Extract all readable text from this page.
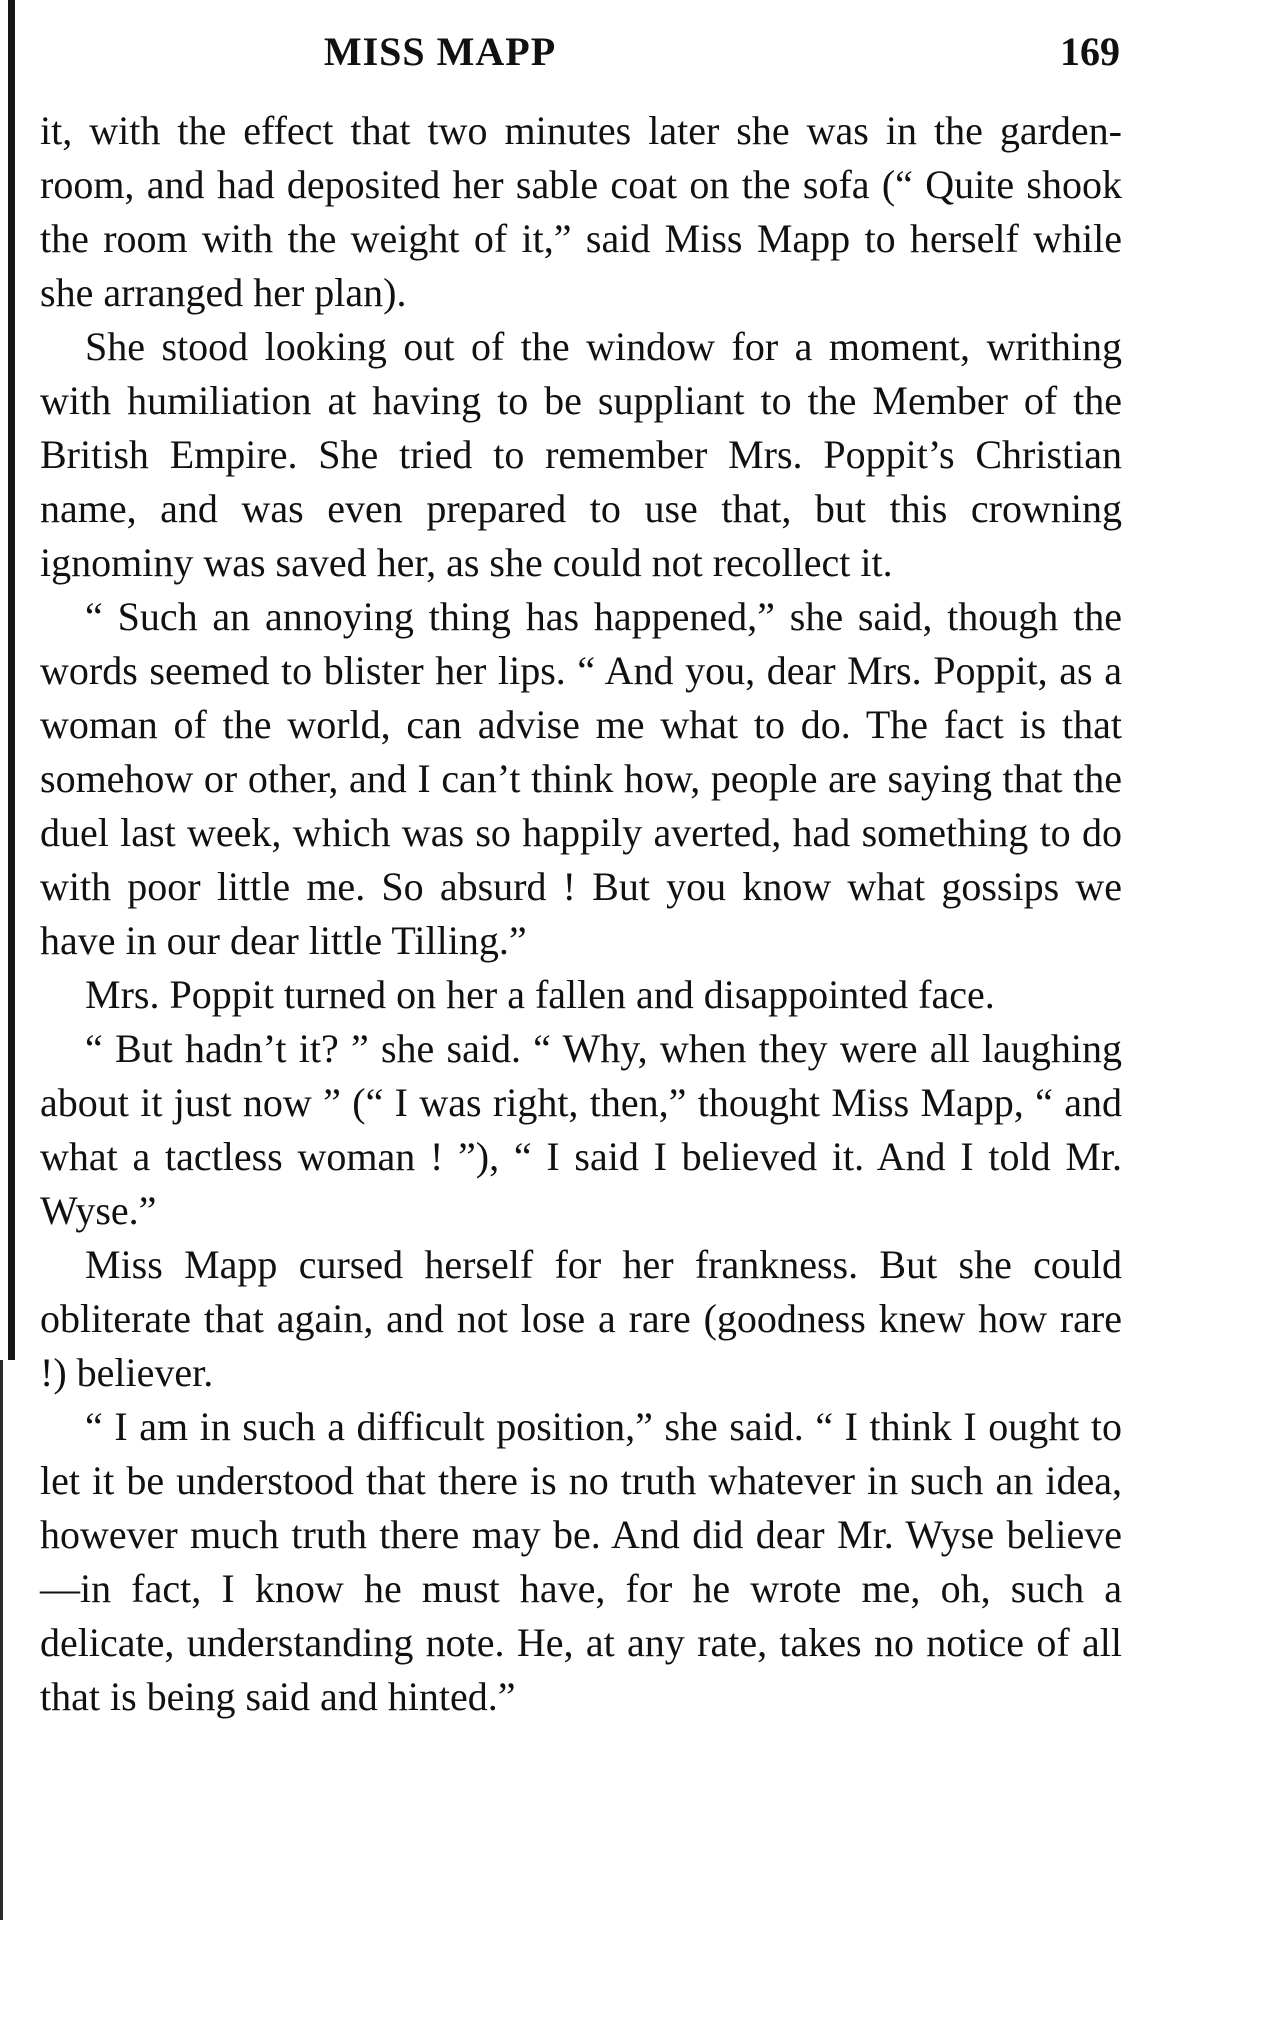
MISS MAPP	169

it, with the effect that two minutes later she was in the garden-room, and had deposited her sable coat on the sofa (“ Quite shook the room with the weight of it,” said Miss Mapp to herself while she arranged her plan).

She stood looking out of the window for a moment, writhing with humiliation at having to be suppliant to the Member of the British Empire. She tried to remember Mrs. Poppit’s Christian name, and was even prepared to use that, but this crowning ignominy was saved her, as she could not recollect it.

“ Such an annoying thing has happened,” she said, though the words seemed to blister her lips. “ And you, dear Mrs. Poppit, as a woman of the world, can advise me what to do. The fact is that somehow or other, and I can’t think how, people are saying that the duel last week, which was so happily averted, had something to do with poor little me. So absurd ! But you know what gossips we have in our dear little Tilling.”

Mrs. Poppit turned on her a fallen and disappointed face.

“ But hadn’t it? ” she said. “ Why, when they were all laughing about it just now ” (“ I was right, then,” thought Miss Mapp, “ and what a tactless woman ! ”), “ I said I believed it. And I told Mr. Wyse.”

Miss Mapp cursed herself for her frankness. But she could obliterate that again, and not lose a rare (goodness knew how rare !) believer.

“ I am in such a difficult position,” she said. “ I think I ought to let it be understood that there is no truth whatever in such an idea, however much truth there may be. And did dear Mr. Wyse believe—in fact, I know he must have, for he wrote me, oh, such a delicate, understanding note. He, at any rate, takes no notice of all that is being said and hinted.”
